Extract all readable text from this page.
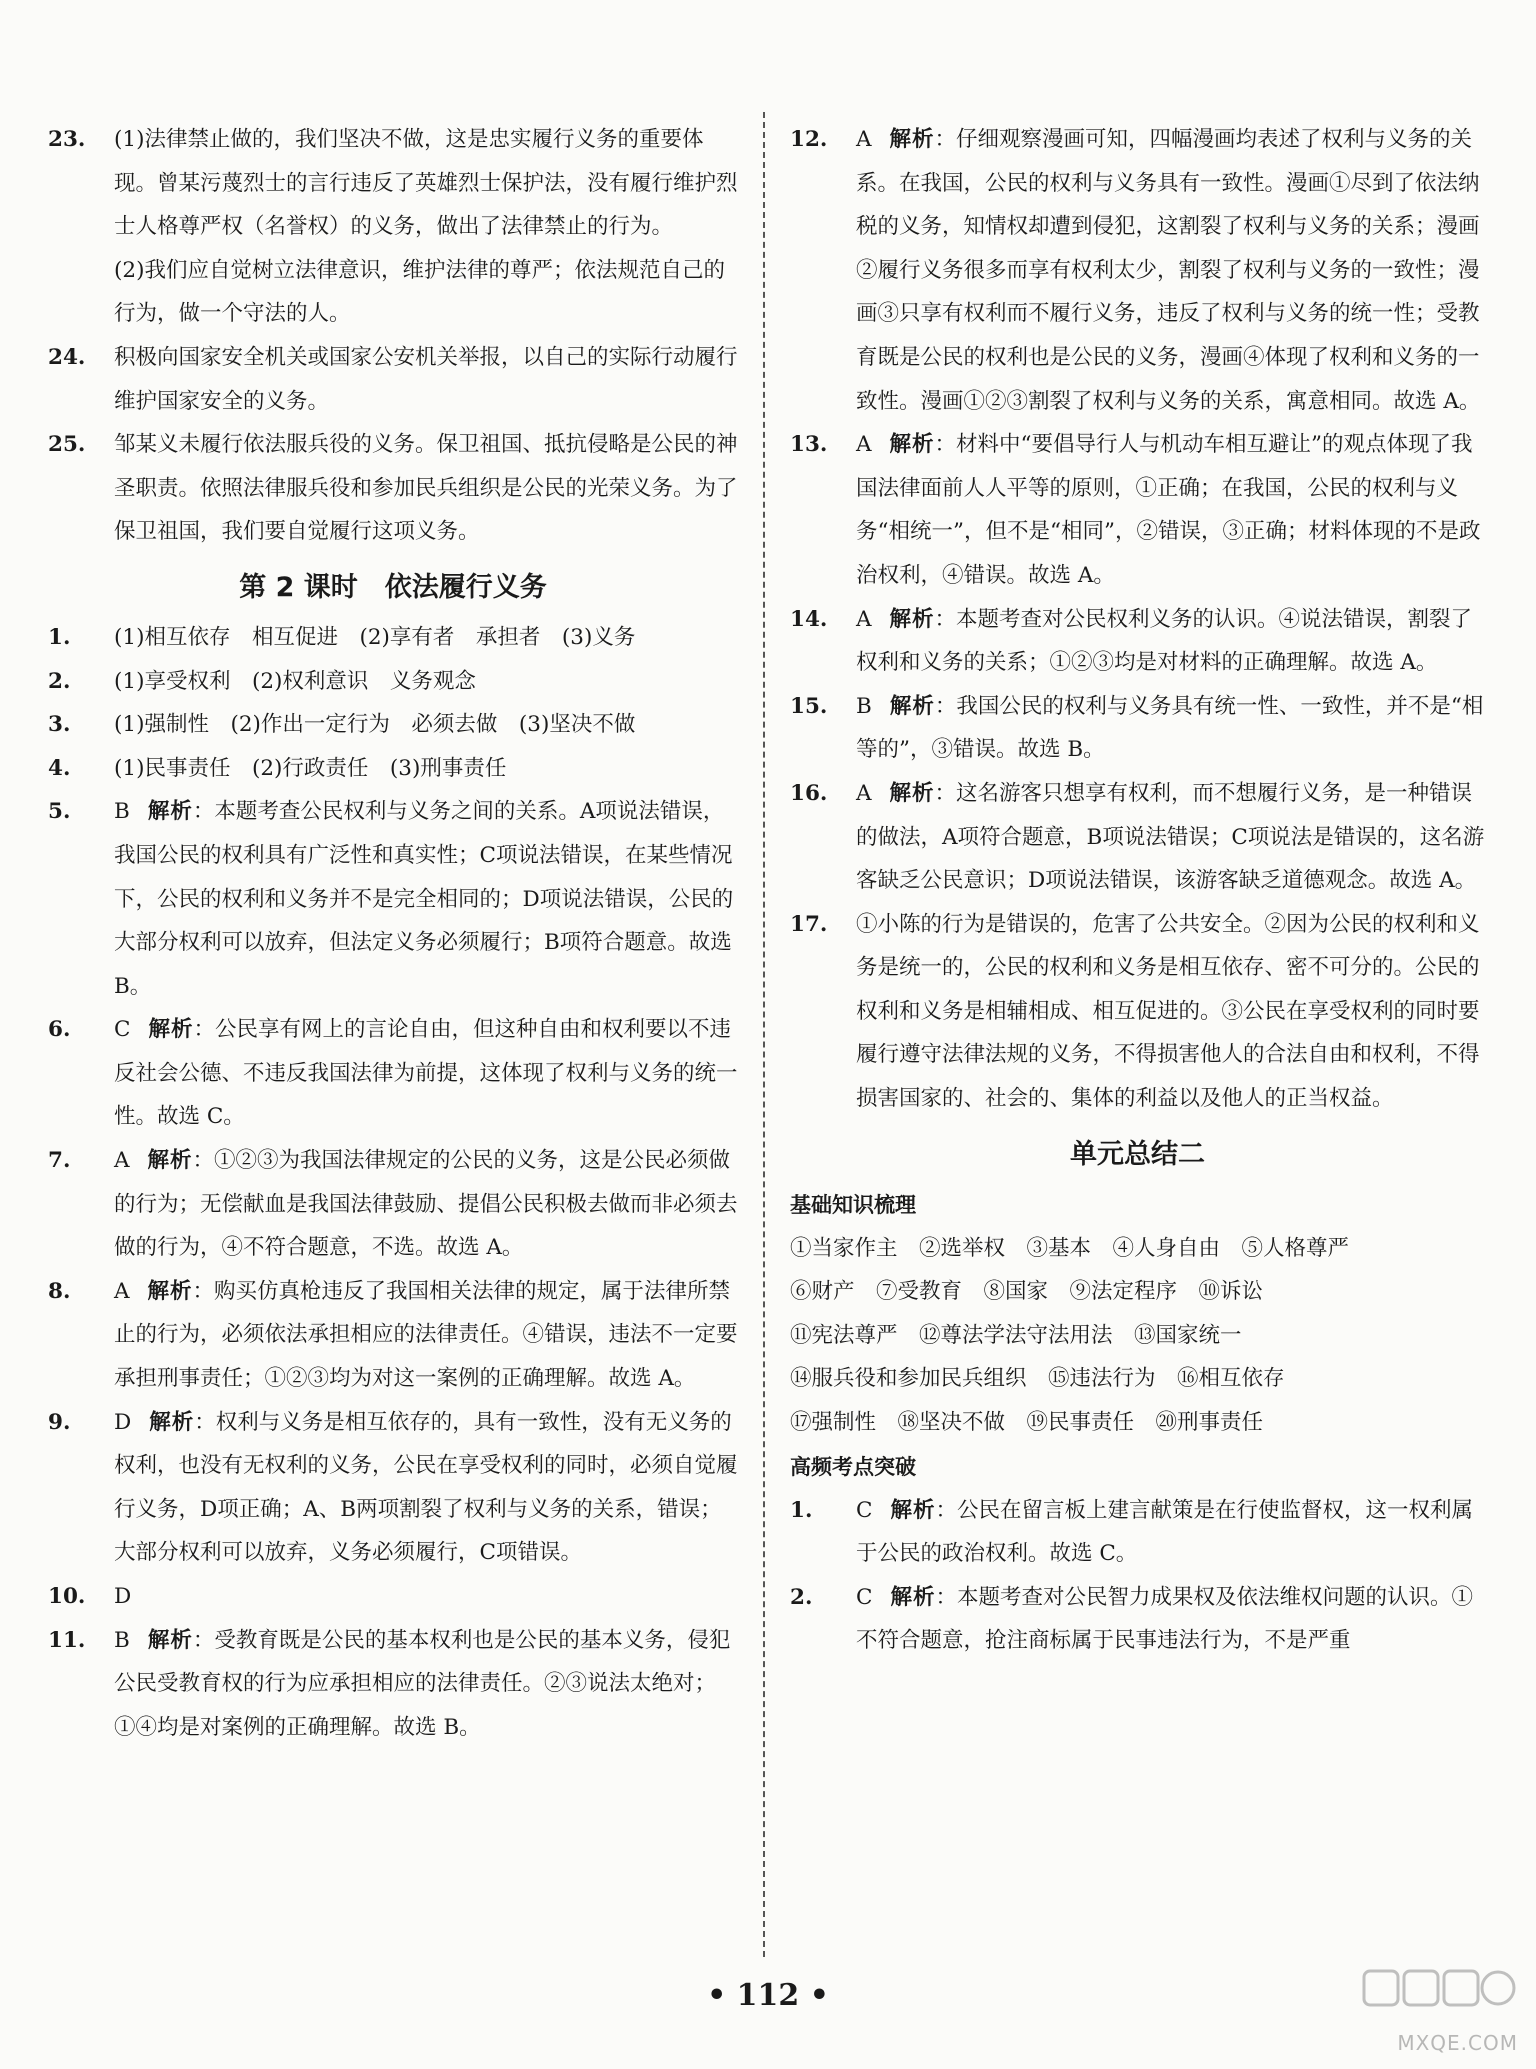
23.	(1)法律禁止做的，我们坚决不做，这是忠实履行义务的重要体现。曾某污蔑烈士的言行违反了英雄烈士保护法，没有履行维护烈士人格尊严权（名誉权）的义务，做出了法律禁止的行为。
(2)我们应自觉树立法律意识，维护法律的尊严；依法规范自己的行为，做一个守法的人。
24.	积极向国家安全机关或国家公安机关举报，以自己的实际行动履行维护国家安全的义务。
25.	邹某义未履行依法服兵役的义务。保卫祖国、抵抗侵略是公民的神圣职责。依照法律服兵役和参加民兵组织是公民的光荣义务。为了保卫祖国，我们要自觉履行这项义务。
第 2 课时　依法履行义务
1.	(1)相互依存　相互促进　(2)享有者　承担者　(3)义务
2.	(1)享受权利　(2)权利意识　义务观念
3.	(1)强制性　(2)作出一定行为　必须去做　(3)坚决不做
4.	(1)民事责任　(2)行政责任　(3)刑事责任
5.	B 解析：本题考查公民权利与义务之间的关系。A项说法错误，我国公民的权利具有广泛性和真实性；C项说法错误，在某些情况下，公民的权利和义务并不是完全相同的；D项说法错误，公民的大部分权利可以放弃，但法定义务必须履行；B项符合题意。故选 B。
6.	C 解析：公民享有网上的言论自由，但这种自由和权利要以不违反社会公德、不违反我国法律为前提，这体现了权利与义务的统一性。故选 C。
7.	A 解析：①②③为我国法律规定的公民的义务，这是公民必须做的行为；无偿献血是我国法律鼓励、提倡公民积极去做而非必须去做的行为，④不符合题意，不选。故选 A。
8.	A 解析：购买仿真枪违反了我国相关法律的规定，属于法律所禁止的行为，必须依法承担相应的法律责任。④错误，违法不一定要承担刑事责任；①②③均为对这一案例的正确理解。故选 A。
9.	D 解析：权利与义务是相互依存的，具有一致性，没有无义务的权利，也没有无权利的义务，公民在享受权利的同时，必须自觉履行义务，D项正确；A、B两项割裂了权利与义务的关系，错误；大部分权利可以放弃，义务必须履行，C项错误。
10.	D
11.	B 解析：受教育既是公民的基本权利也是公民的基本义务，侵犯公民受教育权的行为应承担相应的法律责任。②③说法太绝对；①④均是对案例的正确理解。故选 B。
12.	A 解析：仔细观察漫画可知，四幅漫画均表述了权利与义务的关系。在我国，公民的权利与义务具有一致性。漫画①尽到了依法纳税的义务，知情权却遭到侵犯，这割裂了权利与义务的关系；漫画②履行义务很多而享有权利太少，割裂了权利与义务的一致性；漫画③只享有权利而不履行义务，违反了权利与义务的统一性；受教育既是公民的权利也是公民的义务，漫画④体现了权利和义务的一致性。漫画①②③割裂了权利与义务的关系，寓意相同。故选 A。
13.	A 解析：材料中“要倡导行人与机动车相互避让”的观点体现了我国法律面前人人平等的原则，①正确；在我国，公民的权利与义务“相统一”，但不是“相同”，②错误，③正确；材料体现的不是政治权利，④错误。故选 A。
14.	A 解析：本题考查对公民权利义务的认识。④说法错误，割裂了权利和义务的关系；①②③均是对材料的正确理解。故选 A。
15.	B 解析：我国公民的权利与义务具有统一性、一致性，并不是“相等的”，③错误。故选 B。
16.	A 解析：这名游客只想享有权利，而不想履行义务，是一种错误的做法，A项符合题意，B项说法错误；C项说法是错误的，这名游客缺乏公民意识；D项说法错误，该游客缺乏道德观念。故选 A。
17.	①小陈的行为是错误的，危害了公共安全。②因为公民的权利和义务是统一的，公民的权利和义务是相互依存、密不可分的。公民的权利和义务是相辅相成、相互促进的。③公民在享受权利的同时要履行遵守法律法规的义务，不得损害他人的合法自由和权利，不得损害国家的、社会的、集体的利益以及他人的正当权益。
单元总结二
基础知识梳理
①当家作主　②选举权　③基本　④人身自由　⑤人格尊严
⑥财产　⑦受教育　⑧国家　⑨法定程序　⑩诉讼
⑪宪法尊严　⑫尊法学法守法用法　⑬国家统一
⑭服兵役和参加民兵组织　⑮违法行为　⑯相互依存
⑰强制性　⑱坚决不做　⑲民事责任　⑳刑事责任
高频考点突破
1.	C 解析：公民在留言板上建言献策是在行使监督权，这一权利属于公民的政治权利。故选 C。
2.	C 解析：本题考查对公民智力成果权及依法维权问题的认识。①不符合题意，抢注商标属于民事违法行为，不是严重
• 112 •
MXQE.COM
